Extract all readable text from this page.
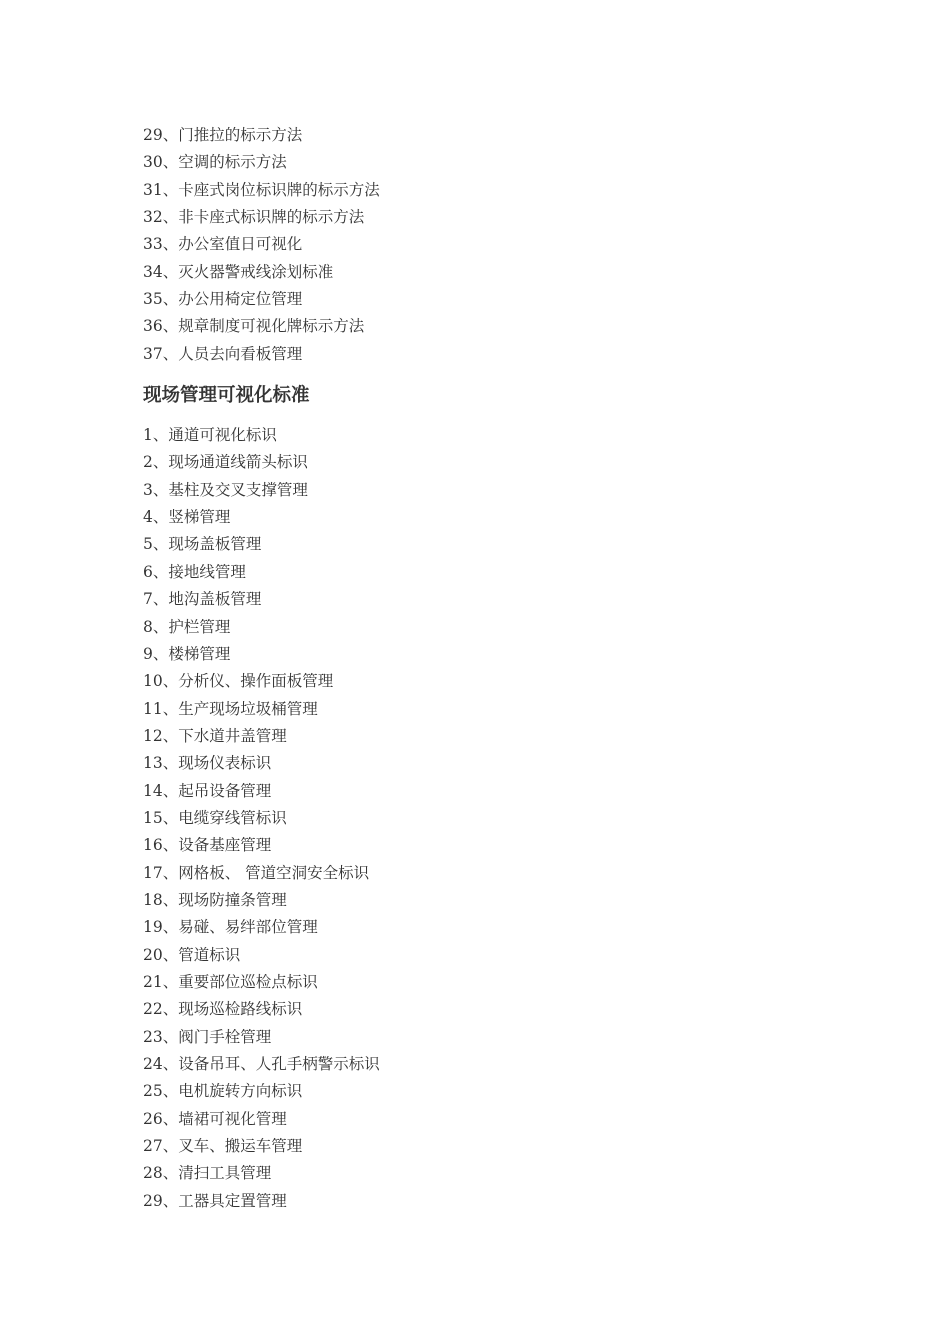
29、门推拉的标示方法
30、空调的标示方法
31、卡座式岗位标识牌的标示方法
32、非卡座式标识牌的标示方法
33、办公室值日可视化
34、灭火器警戒线涂划标准
35、办公用椅定位管理
36、规章制度可视化牌标示方法
37、人员去向看板管理
现场管理可视化标准
1、通道可视化标识
2、现场通道线箭头标识
3、基柱及交叉支撑管理
4、竖梯管理
5、现场盖板管理
6、接地线管理
7、地沟盖板管理
8、护栏管理
9、楼梯管理
10、分析仪、操作面板管理
11、生产现场垃圾桶管理
12、下水道井盖管理
13、现场仪表标识
14、起吊设备管理
15、电缆穿线管标识
16、设备基座管理
17、网格板、 管道空洞安全标识
18、现场防撞条管理
19、易碰、易绊部位管理
20、管道标识
21、重要部位巡检点标识
22、现场巡检路线标识
23、阀门手栓管理
24、设备吊耳、人孔手柄警示标识
25、电机旋转方向标识
26、墙裙可视化管理
27、叉车、搬运车管理
28、清扫工具管理
29、工器具定置管理
